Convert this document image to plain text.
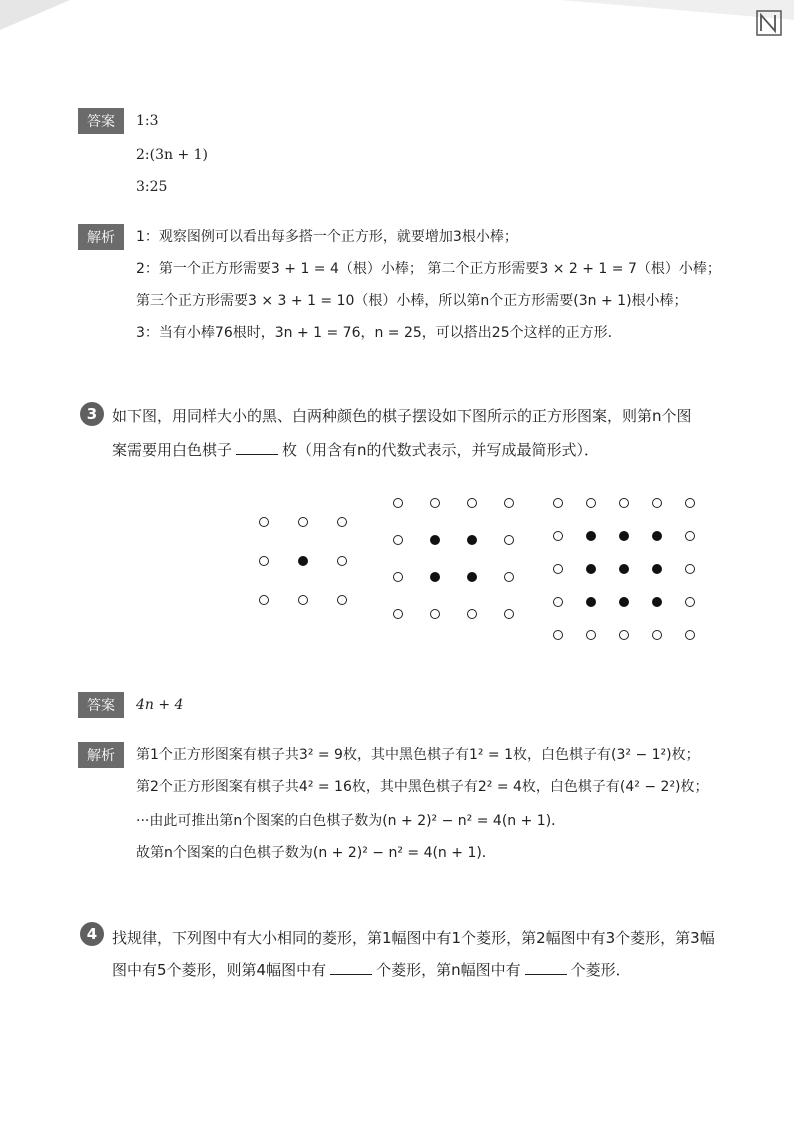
答案	1:3
2:(3n + 1)
3:25
解析	1：观察图例可以看出每多搭一个正方形，就要增加3根小棒；
2：第一个正方形需要3 + 1 = 4（根）小棒； 第二个正方形需要3 × 2 + 1 = 7（根）小棒；
第三个正方形需要3 × 3 + 1 = 10（根）小棒，所以第n个正方形需要(3n + 1)根小棒；
3：当有小棒76根时，3n + 1 = 76，n = 25，可以搭出25个这样的正方形．
3 如下图，用同样大小的黑、白两种颜色的棋子摆设如下图所示的正方形图案，则第n个图
案需要用白色棋子	枚（用含有n的代数式表示，并写成最简形式）．
答案	4n + 4
解析	第1个正方形图案有棋子共3² = 9枚，其中黑色棋子有1² = 1枚，白色棋子有(3² − 1²)枚；
第2个正方形图案有棋子共4² = 16枚，其中黑色棋子有2² = 4枚，白色棋子有(4² − 2²)枚；
···由此可推出第n个图案的白色棋子数为(n + 2)² − n² = 4(n + 1)．
故第n个图案的白色棋子数为(n + 2)² − n² = 4(n + 1)．
4 找规律，下列图中有大小相同的菱形，第1幅图中有1个菱形，第2幅图中有3个菱形，第3幅
图中有5个菱形，则第4幅图中有	个菱形，第n幅图中有	个菱形．
